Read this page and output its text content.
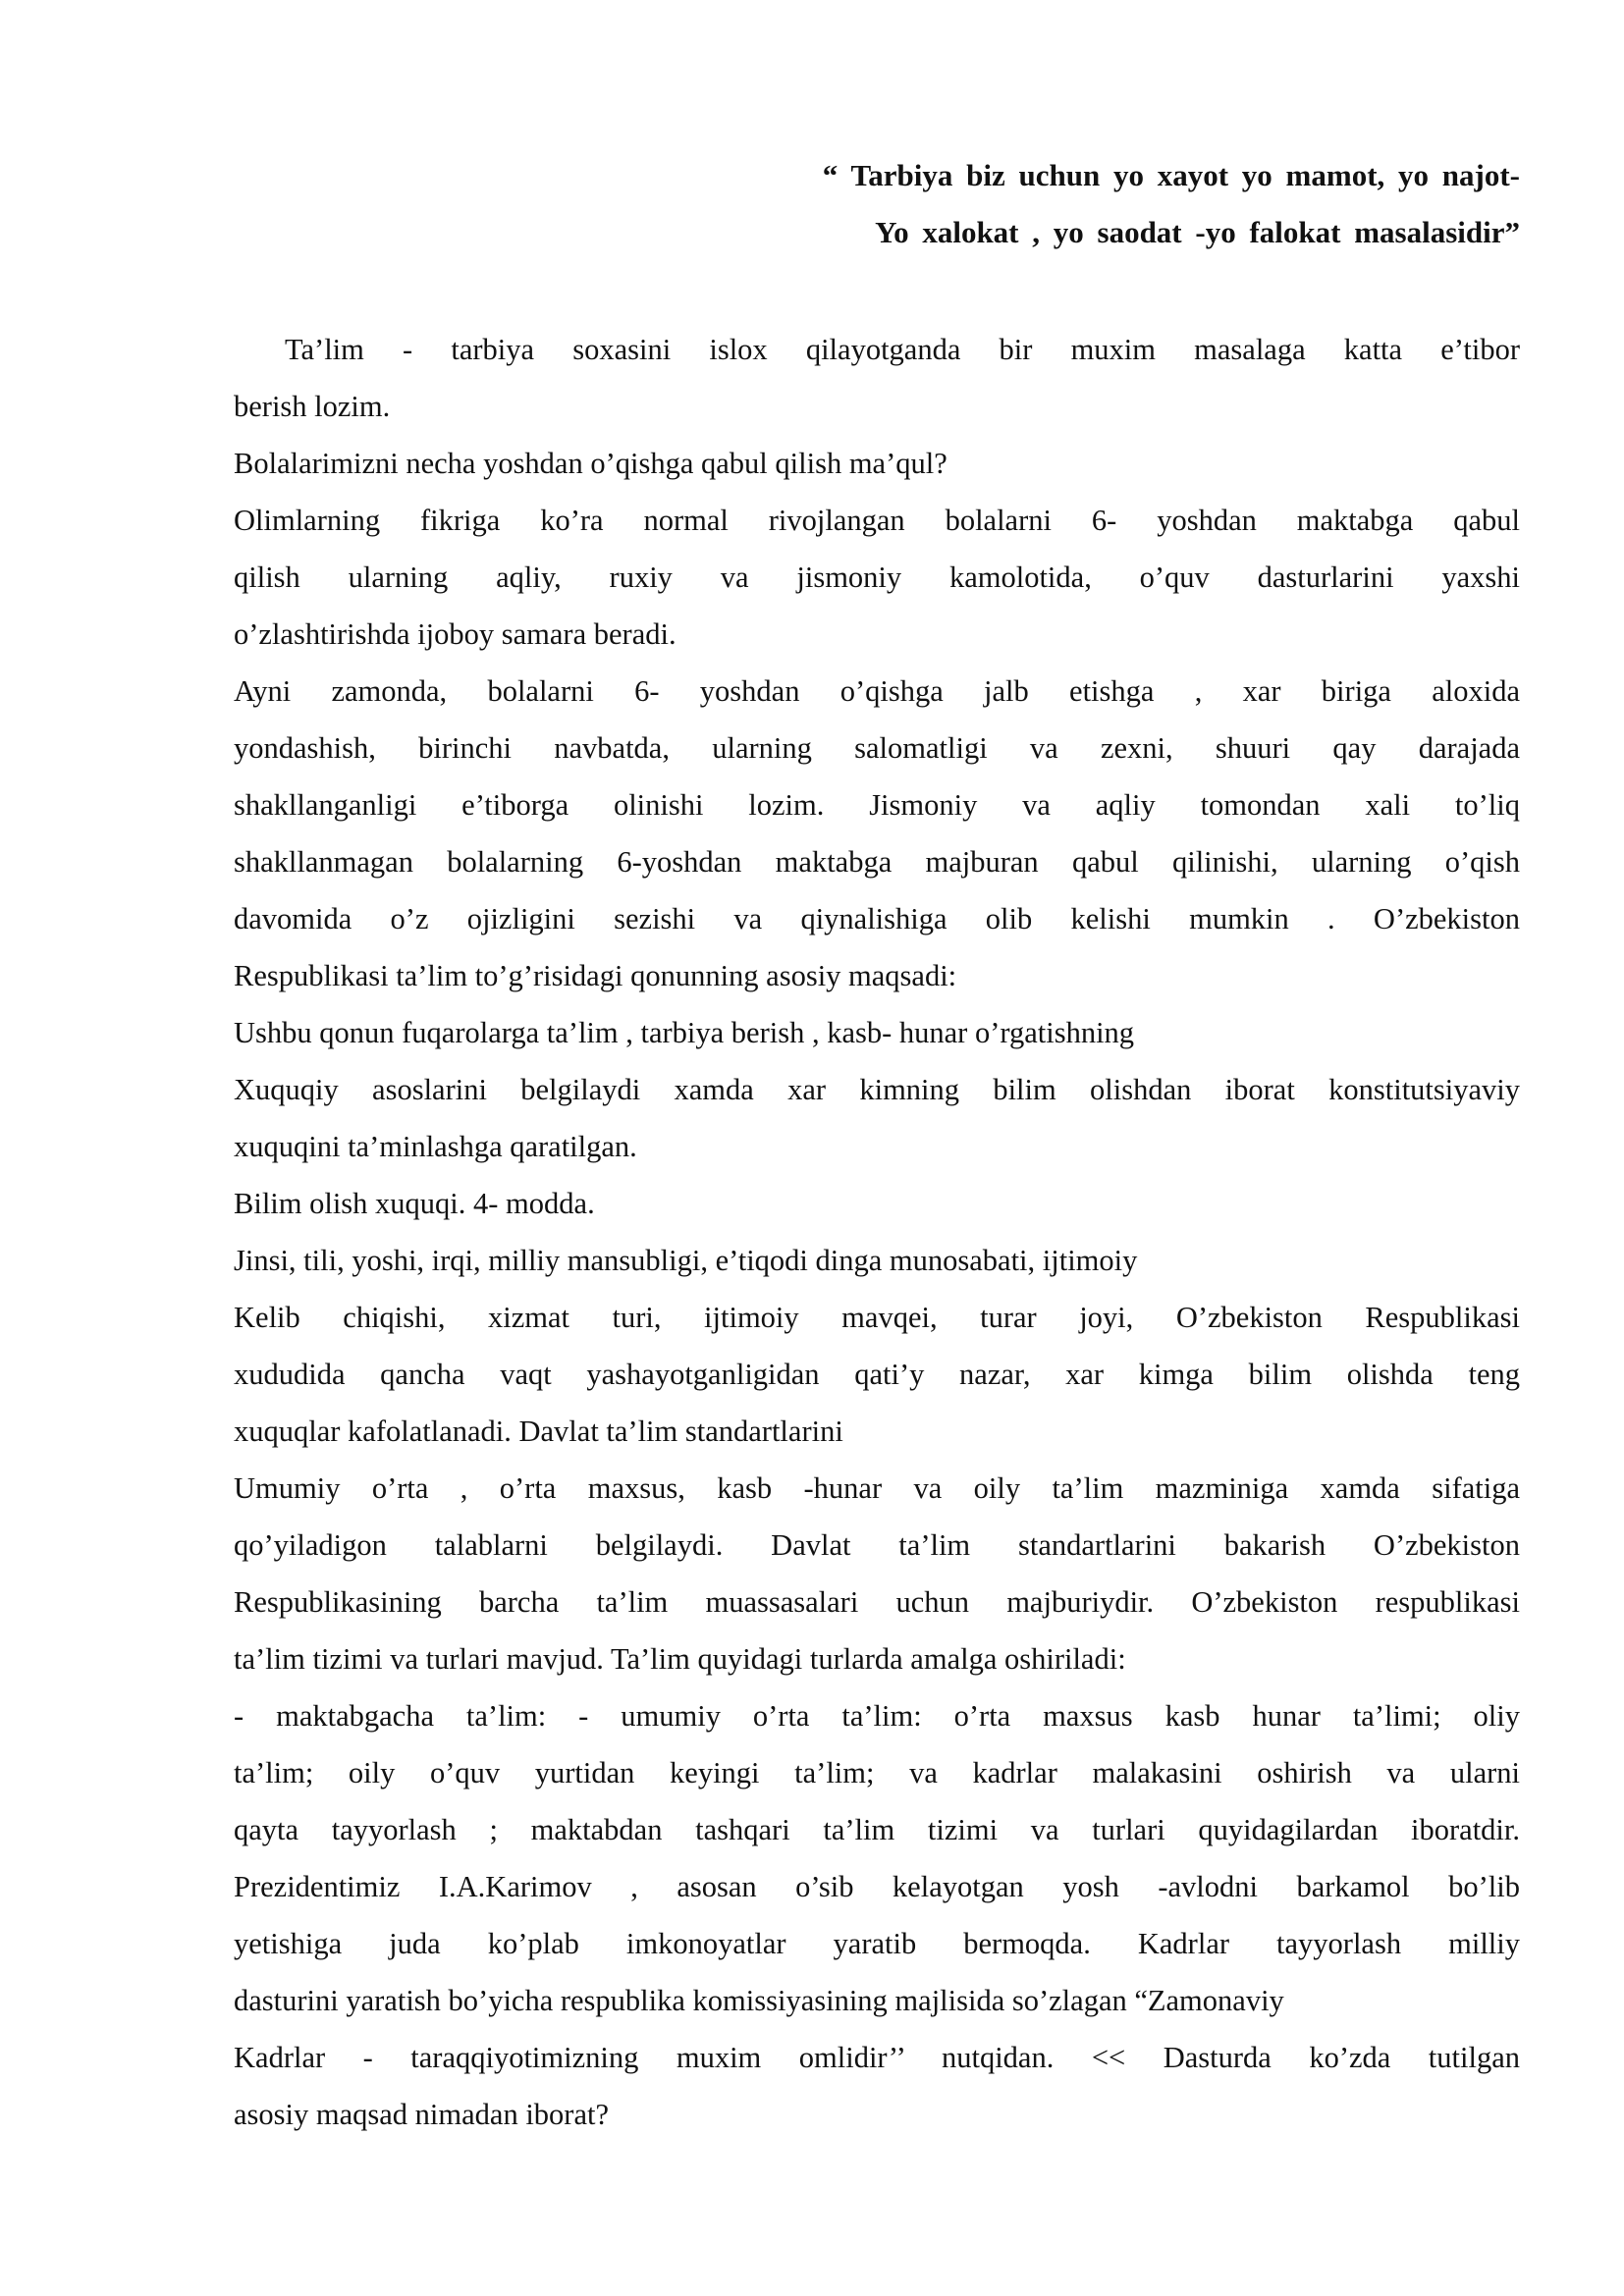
“ Tarbiya biz uchun yo xayot yo mamot, yo najot-
Yo xalokat , yo saodat -yo falokat masalasidir”
Ta’lim - tarbiya soxasini islox qilayotganda bir muxim masalaga katta e’tibor
berish lozim.
Bolalarimizni necha yoshdan o’qishga qabul qilish ma’qul?
Olimlarning fikriga ko’ra normal rivojlangan bolalarni 6- yoshdan maktabga qabul
qilish ularning aqliy, ruxiy va jismoniy kamolotida, o’quv dasturlarini yaxshi
o’zlashtirishda ijoboy samara beradi.
Ayni zamonda, bolalarni 6- yoshdan o’qishga jalb etishga , xar biriga aloxida
yondashish, birinchi navbatda, ularning salomatligi va zexni, shuuri qay darajada
shakllanganligi e’tiborga olinishi lozim. Jismoniy va aqliy tomondan xali to’liq
shakllanmagan bolalarning 6-yoshdan maktabga majburan qabul qilinishi, ularning o’qish
davomida o’z ojizligini sezishi va qiynalishiga olib kelishi mumkin . O’zbekiston
Respublikasi ta’lim to’g’risidagi qonunning asosiy maqsadi:
Ushbu qonun fuqarolarga ta’lim , tarbiya berish , kasb- hunar o’rgatishning
Xuquqiy asoslarini belgilaydi xamda xar kimning bilim olishdan iborat konstitutsiyaviy
xuquqini ta’minlashga qaratilgan.
Bilim olish xuquqi. 4- modda.
Jinsi, tili, yoshi, irqi, milliy mansubligi, e’tiqodi dinga munosabati, ijtimoiy
Kelib chiqishi, xizmat turi, ijtimoiy mavqei, turar joyi, O’zbekiston Respublikasi
xududida qancha vaqt yashayotganligidan qati’y nazar, xar kimga bilim olishda teng
xuquqlar kafolatlanadi. Davlat ta’lim standartlarini
Umumiy o’rta , o’rta maxsus, kasb -hunar va oily ta’lim mazminiga xamda sifatiga
qo’yiladigon talablarni belgilaydi. Davlat ta’lim standartlarini bakarish O’zbekiston
Respublikasining barcha ta’lim muassasalari uchun majburiydir. O’zbekiston respublikasi
ta’lim tizimi va turlari mavjud. Ta’lim quyidagi turlarda amalga oshiriladi:
- maktabgacha ta’lim: - umumiy o’rta ta’lim: o’rta maxsus kasb hunar ta’limi; oliy
ta’lim; oily o’quv yurtidan keyingi ta’lim; va kadrlar malakasini oshirish va ularni
qayta tayyorlash ; maktabdan tashqari ta’lim tizimi va turlari quyidagilardan iboratdir.
Prezidentimiz I.A.Karimov , asosan o’sib kelayotgan yosh -avlodni barkamol bo’lib
yetishiga juda ko’plab imkonoyatlar yaratib bermoqda. Kadrlar tayyorlash milliy
dasturini yaratish bo’yicha respublika komissiyasining majlisida so’zlagan “Zamonaviy
Kadrlar - taraqqiyotimizning muxim omlidir’’ nutqidan. << Dasturda ko’zda tutilgan
asosiy maqsad nimadan iborat?
